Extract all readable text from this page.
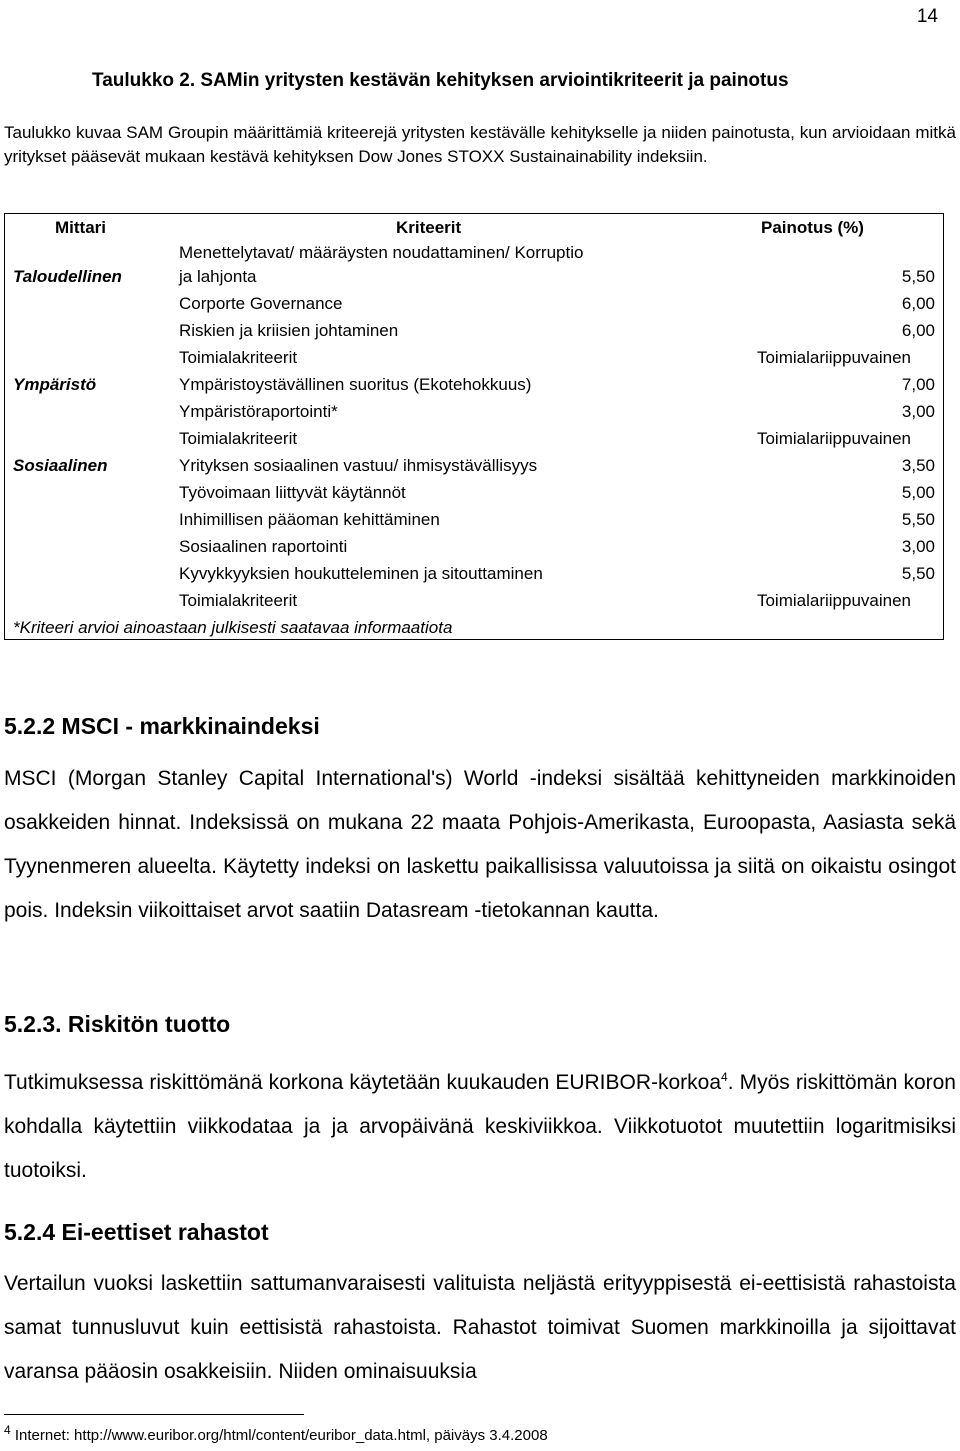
14
Taulukko 2. SAMin yritysten kestävän kehityksen arviointikriteerit ja painotus
Taulukko kuvaa SAM Groupin määrittämiä kriteerejä yritysten kestävälle kehitykselle ja niiden painotusta, kun arvioidaan mitkä yritykset pääsevät mukaan kestävä kehityksen Dow Jones STOXX Sustainainability indeksiin.
Mittari	Kriteerit	Painotus (%)
Menettelytavat/ määräysten noudattaminen/ Korruptio
Taloudellinen	ja lahjonta	5,50
Corporte Governance	6,00
Riskien ja kriisien johtaminen	6,00
Toimialakriteerit	Toimialariippuvainen
Ympäristö	Ympäristoystävällinen suoritus (Ekotehokkuus)	7,00
Ympäristöraportointi*	3,00
Toimialakriteerit	Toimialariippuvainen
Sosiaalinen	Yrityksen sosiaalinen vastuu/ ihmisystävällisyys	3,50
Työvoimaan liittyvät käytännöt	5,00
Inhimillisen pääoman kehittäminen	5,50
Sosiaalinen raportointi	3,00
Kyvykkyyksien houkutteleminen ja sitouttaminen	5,50
Toimialakriteerit	Toimialariippuvainen
*Kriteeri arvioi ainoastaan julkisesti saatavaa informaatiota
5.2.2 MSCI - markkinaindeksi
MSCI (Morgan Stanley Capital International's) World -indeksi sisältää kehittyneiden markkinoiden osakkeiden hinnat. Indeksissä on mukana 22 maata Pohjois-Amerikasta, Euroopasta, Aasiasta sekä Tyynenmeren alueelta. Käytetty indeksi on laskettu paikallisissa valuutoissa ja siitä on oikaistu osingot pois. Indeksin viikoittaiset arvot saatiin Datasream -tietokannan kautta.
5.2.3. Riskitön tuotto
Tutkimuksessa riskittömänä korkona käytetään kuukauden EURIBOR-korkoa$^4$. Myös riskittömän koron kohdalla käytettiin viikkodataa ja ja arvopäivänä keskiviikkoa. Viikkotuotot muutettiin logaritmisiksi tuotoiksi.
5.2.4 Ei-eettiset rahastot
Vertailun vuoksi laskettiin sattumanvaraisesti valituista neljästä erityyppisestä ei-eettisistä rahastoista samat tunnusluvut kuin eettisistä rahastoista. Rahastot toimivat Suomen markkinoilla ja sijoittavat varansa pääosin osakkeisiin. Niiden ominaisuuksia
$^4$ Internet: http://www.euribor.org/html/content/euribor_data.html, päiväys 3.4.2008
